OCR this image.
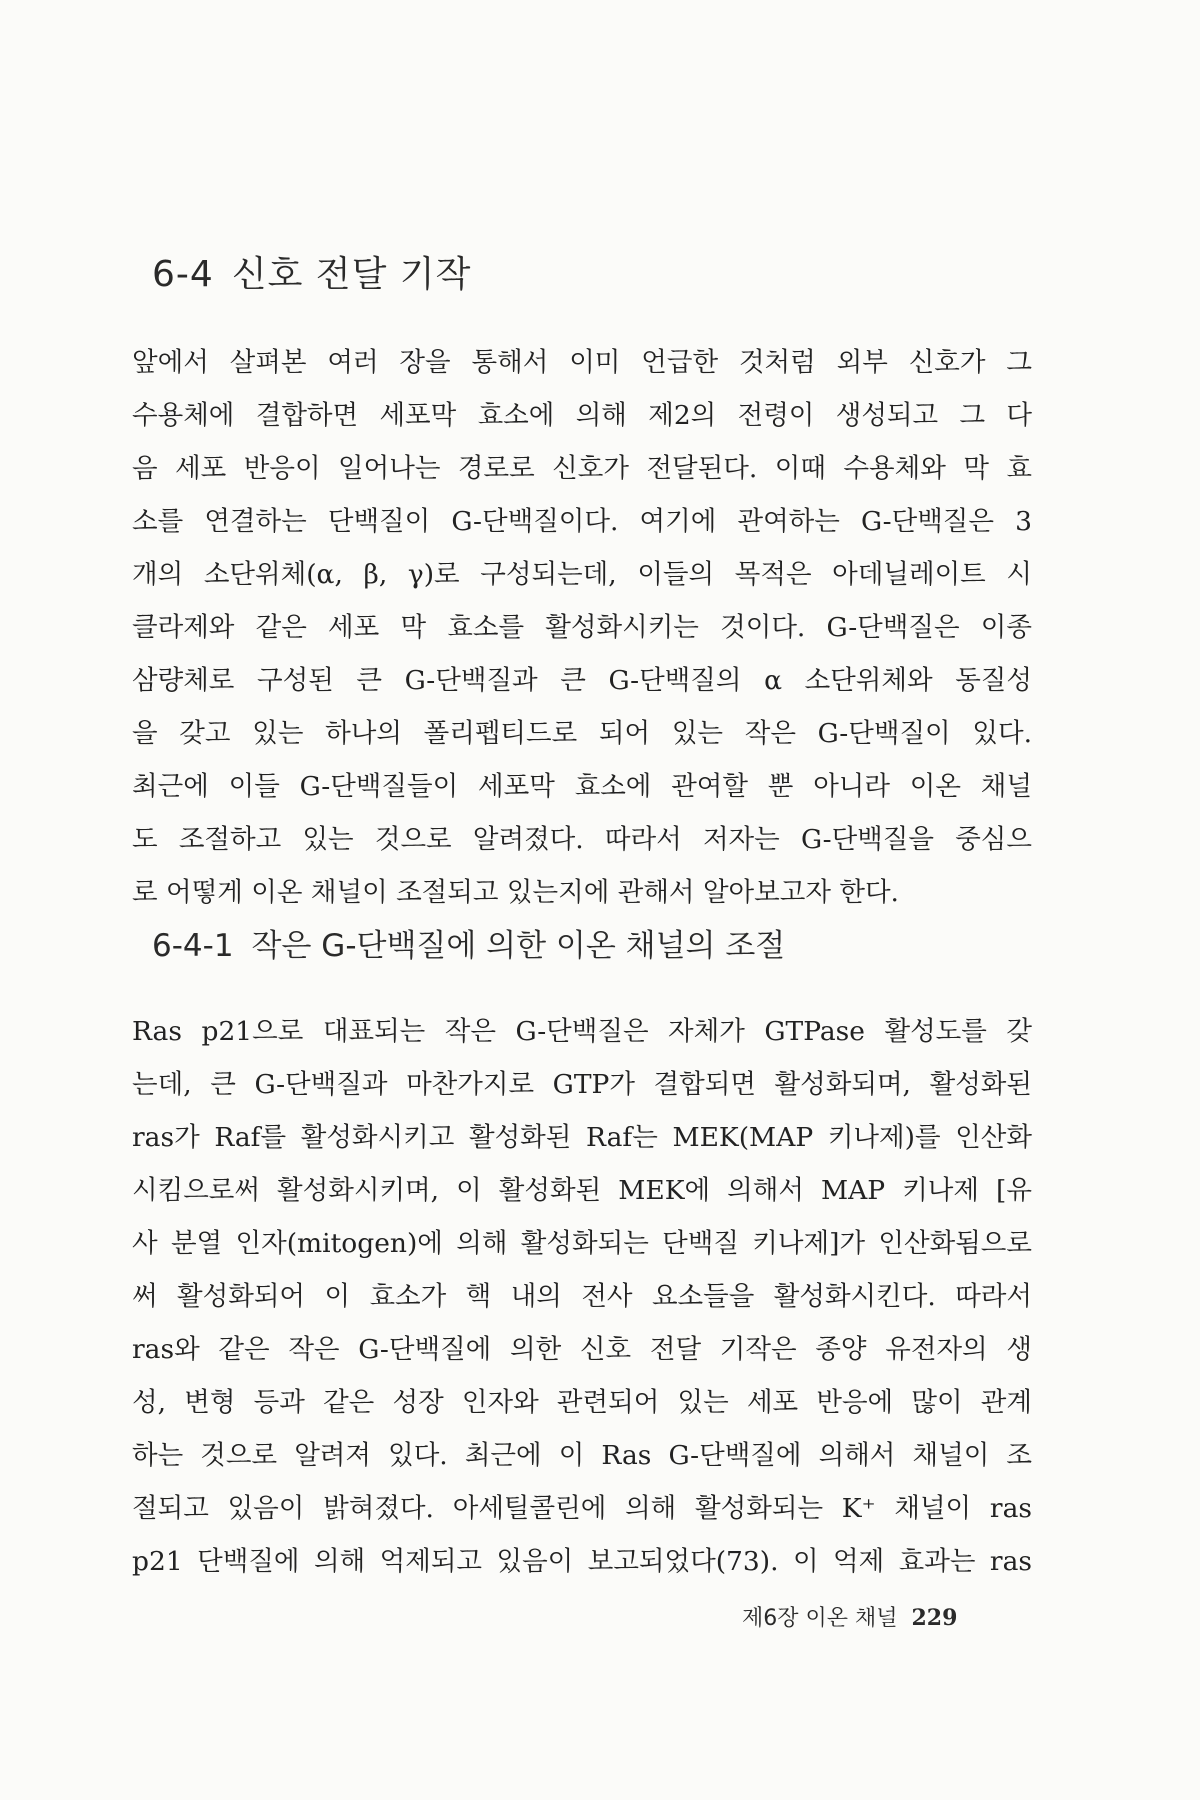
6-4 신호 전달 기작
앞에서 살펴본 여러 장을 통해서 이미 언급한 것처럼 외부 신호가 그
수용체에 결합하면 세포막 효소에 의해 제2의 전령이 생성되고 그 다
음 세포 반응이 일어나는 경로로 신호가 전달된다. 이때 수용체와 막 효
소를 연결하는 단백질이 G-단백질이다. 여기에 관여하는 G-단백질은 3
개의 소단위체(α, β, γ)로 구성되는데, 이들의 목적은 아데닐레이트 시
클라제와 같은 세포 막 효소를 활성화시키는 것이다. G-단백질은 이종
삼량체로 구성된 큰 G-단백질과 큰 G-단백질의 α 소단위체와 동질성
을 갖고 있는 하나의 폴리펩티드로 되어 있는 작은 G-단백질이 있다.
최근에 이들 G-단백질들이 세포막 효소에 관여할 뿐 아니라 이온 채널
도 조절하고 있는 것으로 알려졌다. 따라서 저자는 G-단백질을 중심으
로 어떻게 이온 채널이 조절되고 있는지에 관해서 알아보고자 한다.
6-4-1 작은 G-단백질에 의한 이온 채널의 조절
Ras p21으로 대표되는 작은 G-단백질은 자체가 GTPase 활성도를 갖
는데, 큰 G-단백질과 마찬가지로 GTP가 결합되면 활성화되며, 활성화된
ras가 Raf를 활성화시키고 활성화된 Raf는 MEK(MAP 키나제)를 인산화
시킴으로써 활성화시키며, 이 활성화된 MEK에 의해서 MAP 키나제 [유
사 분열 인자(mitogen)에 의해 활성화되는 단백질 키나제]가 인산화됨으로
써 활성화되어 이 효소가 핵 내의 전사 요소들을 활성화시킨다. 따라서
ras와 같은 작은 G-단백질에 의한 신호 전달 기작은 종양 유전자의 생
성, 변형 등과 같은 성장 인자와 관련되어 있는 세포 반응에 많이 관계
하는 것으로 알려져 있다. 최근에 이 Ras G-단백질에 의해서 채널이 조
절되고 있음이 밝혀졌다. 아세틸콜린에 의해 활성화되는 K⁺ 채널이 ras
p21 단백질에 의해 억제되고 있음이 보고되었다(73). 이 억제 효과는 ras
제6장 이온 채널 229
